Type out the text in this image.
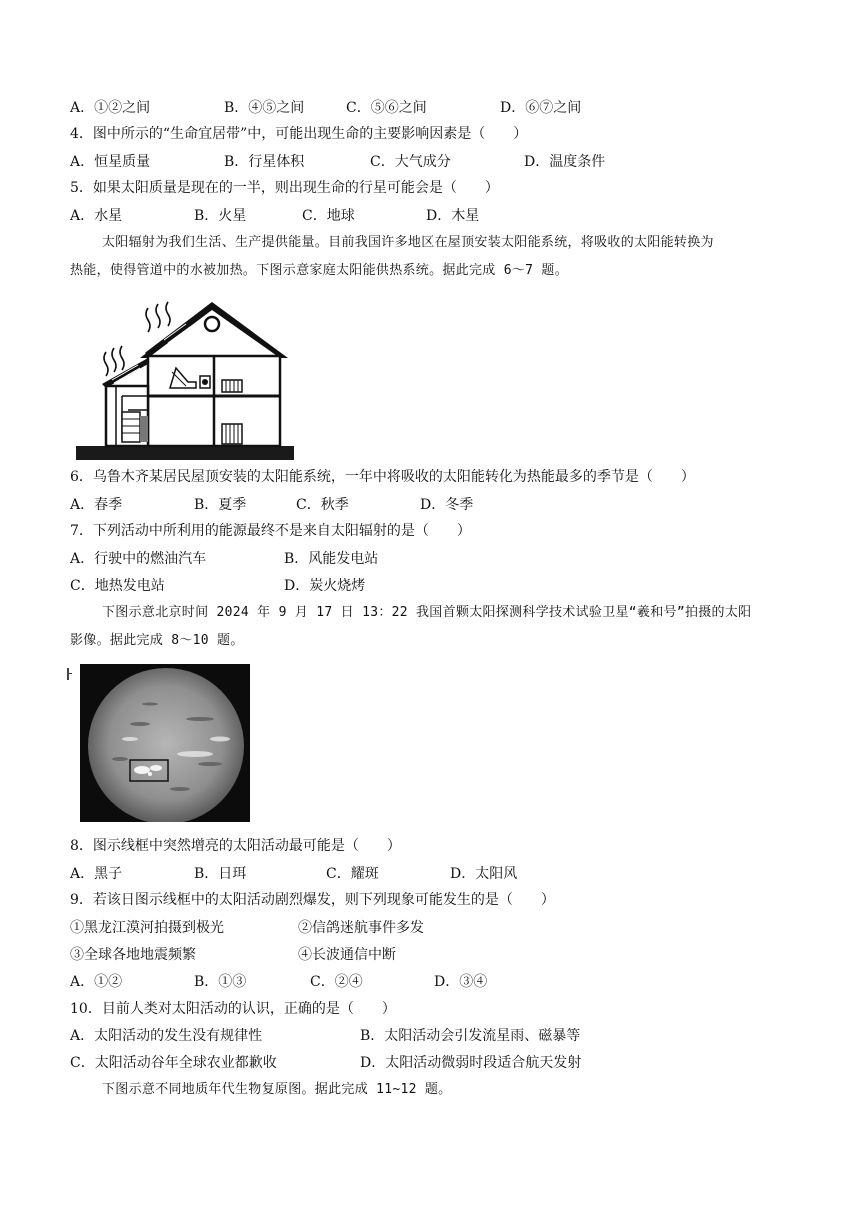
A．①②之间	B．④⑤之间	C．⑤⑥之间	D．⑥⑦之间
4．图中所示的“生命宜居带”中，可能出现生命的主要影响因素是（　　）
A．恒星质量	B．行星体积	C．大气成分	D．温度条件
5．如果太阳质量是现在的一半，则出现生命的行星可能会是（　　）
A．水星	B．火星	C．地球	D．木星
太阳辐射为我们生活、生产提供能量。目前我国许多地区在屋顶安装太阳能系统，将吸收的太阳能转换为
热能，使得管道中的水被加热。下图示意家庭太阳能供热系统。据此完成 6～7 题。
6．乌鲁木齐某居民屋顶安装的太阳能系统，一年中将吸收的太阳能转化为热能最多的季节是（　　）
A．春季	B．夏季	C．秋季	D．冬季
7．下列活动中所利用的能源最终不是来自太阳辐射的是（　　）
A．行驶中的燃油汽车	B．风能发电站
C．地热发电站	D．炭火烧烤
下图示意北京时间 2024 年 9 月 17 日 13：22 我国首颗太阳探测科学技术试验卫星“羲和号”拍摄的太阳
影像。据此完成 8～10 题。
8．图示线框中突然增亮的太阳活动最可能是（　　）
A．黑子	B．日珥	C．耀斑	D．太阳风
9．若该日图示线框中的太阳活动剧烈爆发，则下列现象可能发生的是（　　）
①黑龙江漠河拍摄到极光	②信鸽迷航事件多发
③全球各地地震频繁	④长波通信中断
A．①②	B．①③	C．②④	D．③④
10．目前人类对太阳活动的认识，正确的是（　　）
A．太阳活动的发生没有规律性	B．太阳活动会引发流星雨、磁暴等
C．太阳活动谷年全球农业都歉收	D．太阳活动微弱时段适合航天发射
下图示意不同地质年代生物复原图。据此完成 11~12 题。
